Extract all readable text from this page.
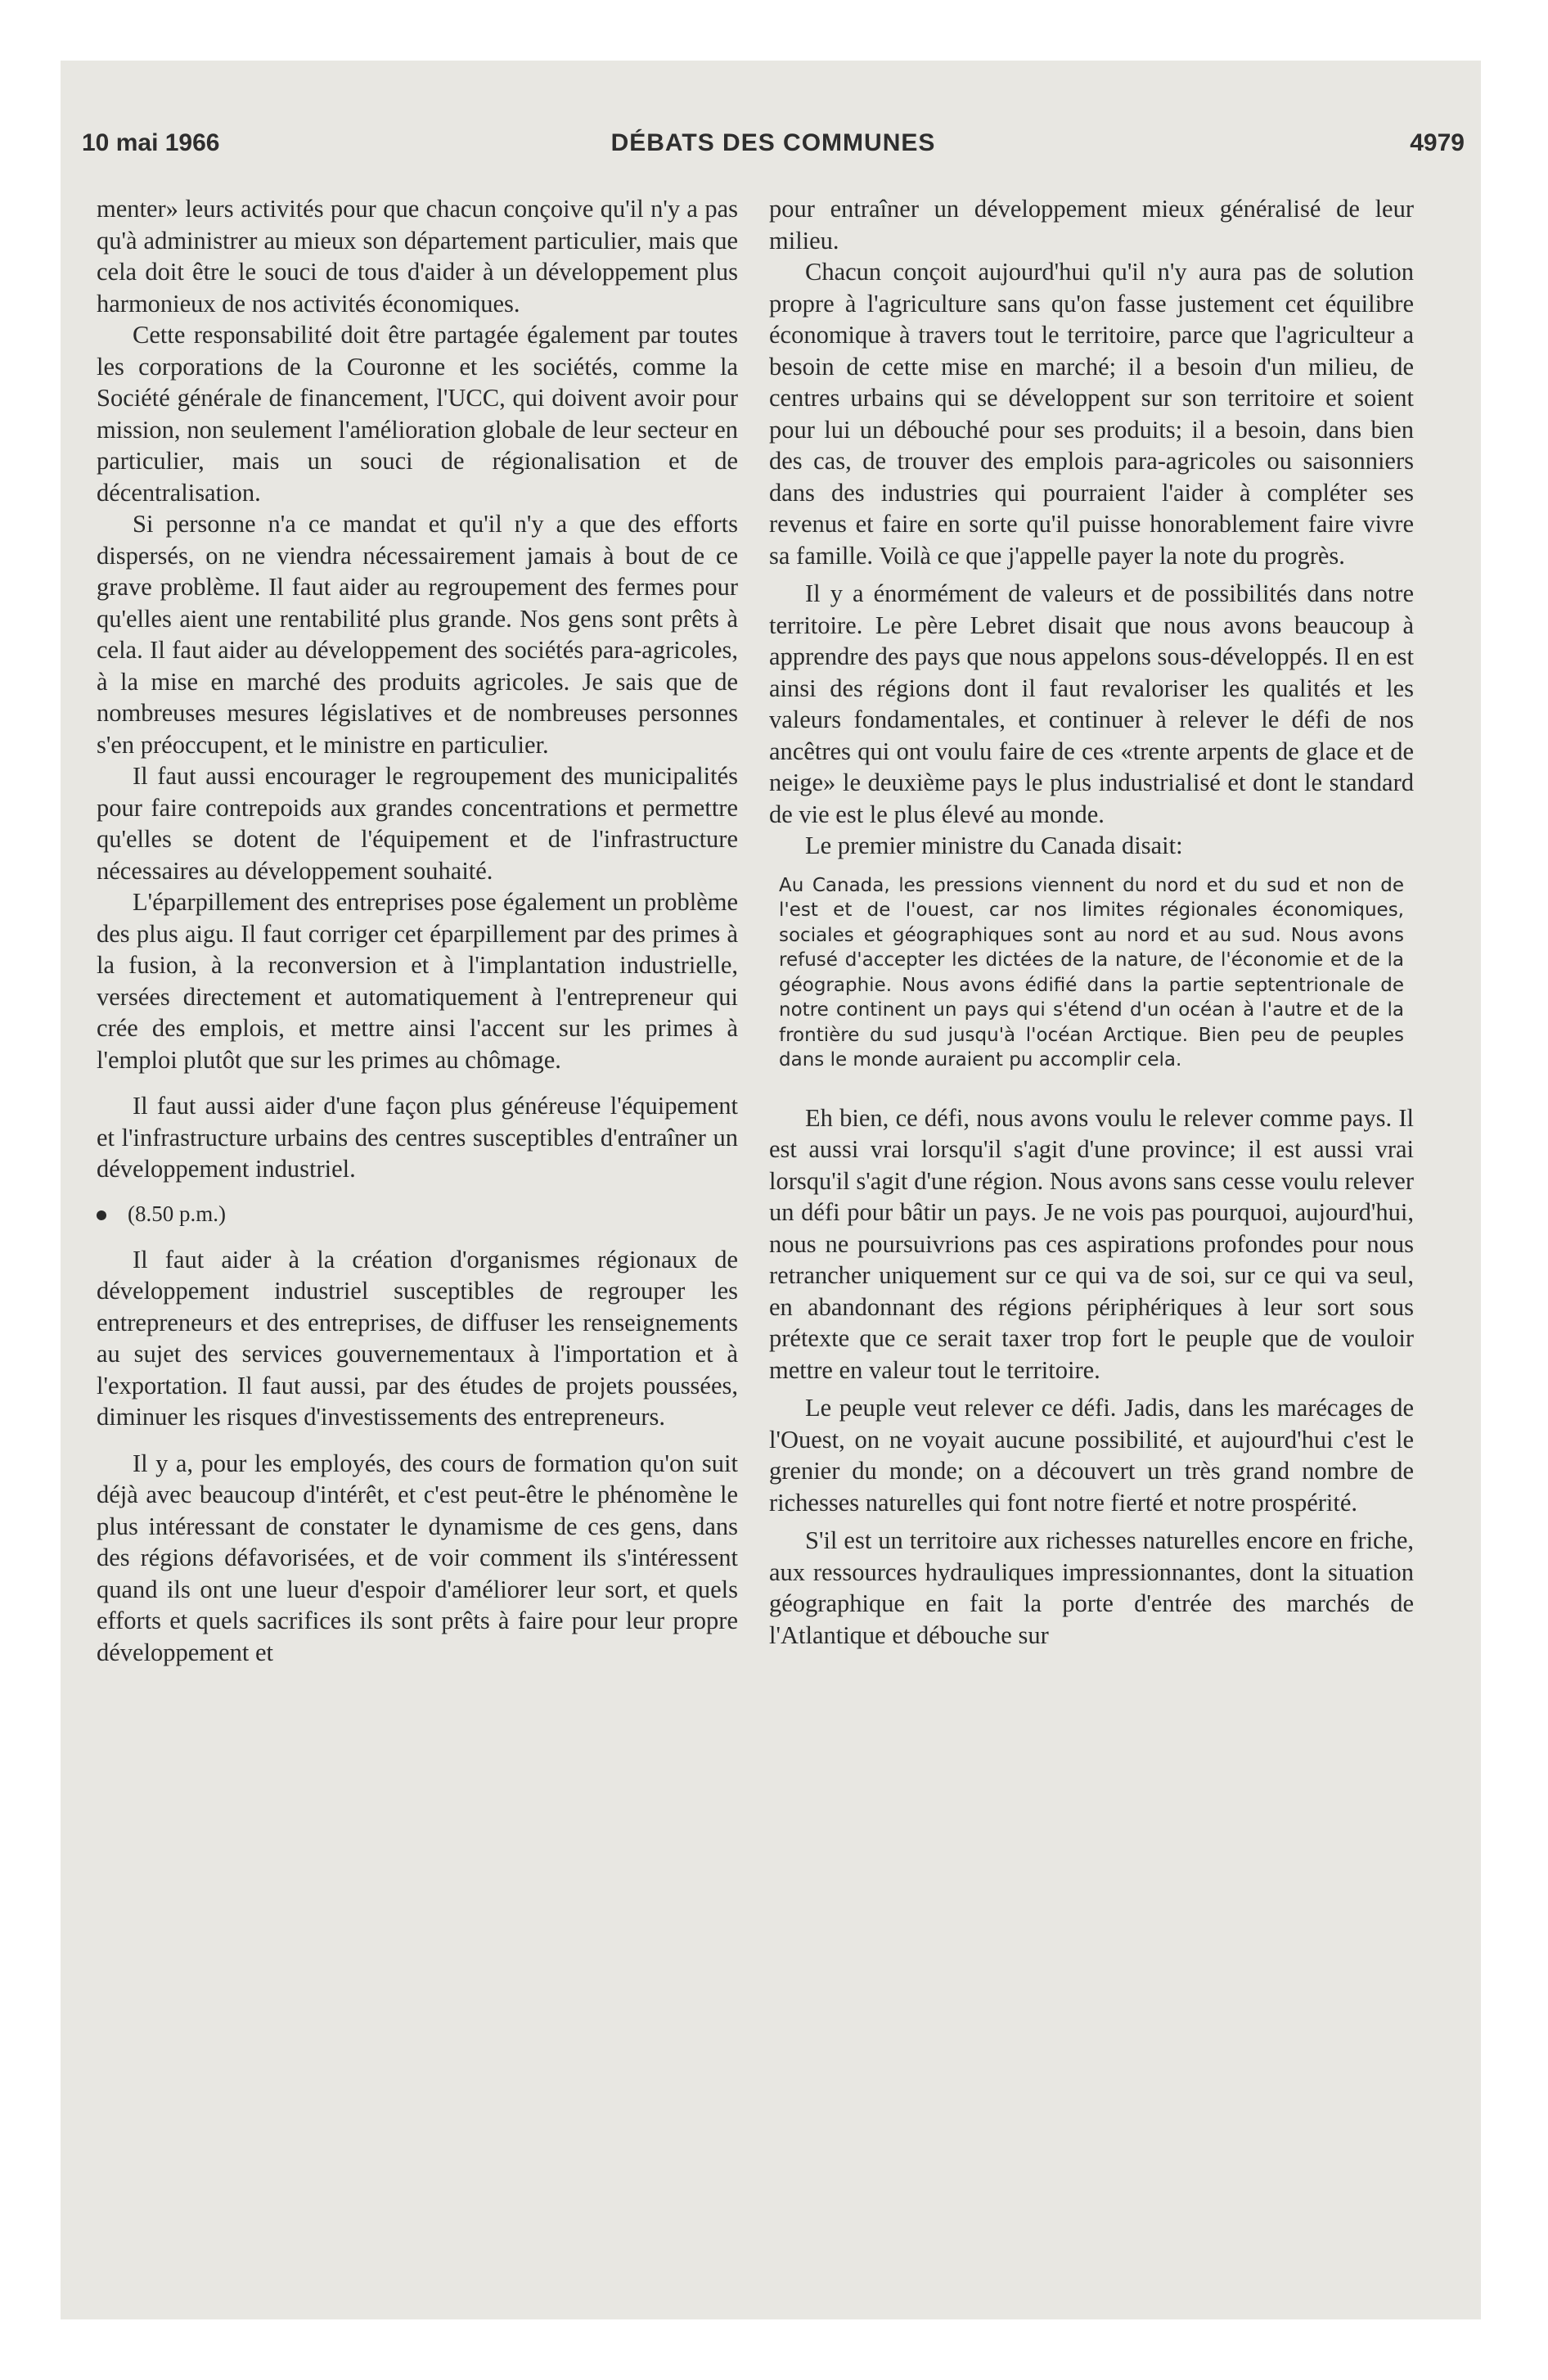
DÉBATS DES COMMUNES
10 mai 1966	4979

menter» leurs activités pour que chacun conçoive qu'il n'y a pas qu'à administrer au mieux son département particulier, mais que cela doit être le souci de tous d'aider à un développement plus harmonieux de nos activités économiques.

Cette responsabilité doit être partagée également par toutes les corporations de la Couronne et les sociétés, comme la Société générale de financement, l'UCC, qui doivent avoir pour mission, non seulement l'amélioration globale de leur secteur en particulier, mais un souci de régionalisation et de décentralisation.

Si personne n'a ce mandat et qu'il n'y a que des efforts dispersés, on ne viendra nécessairement jamais à bout de ce grave problème. Il faut aider au regroupement des fermes pour qu'elles aient une rentabilité plus grande. Nos gens sont prêts à cela. Il faut aider au développement des sociétés para-agricoles, à la mise en marché des produits agricoles. Je sais que de nombreuses mesures législatives et de nombreuses personnes s'en préoccupent, et le ministre en particulier.

Il faut aussi encourager le regroupement des municipalités pour faire contrepoids aux grandes concentrations et permettre qu'elles se dotent de l'équipement et de l'infrastructure nécessaires au développement souhaité.

L'éparpillement des entreprises pose également un problème des plus aigu. Il faut corriger cet éparpillement par des primes à la fusion, à la reconversion et à l'implantation industrielle, versées directement et automatiquement à l'entrepreneur qui crée des emplois, et mettre ainsi l'accent sur les primes à l'emploi plutôt que sur les primes au chômage.

Il faut aussi aider d'une façon plus généreuse l'équipement et l'infrastructure urbains des centres susceptibles d'entraîner un développement industriel.

(8.50 p.m.)

Il faut aider à la création d'organismes régionaux de développement industriel susceptibles de regrouper les entrepreneurs et des entreprises, de diffuser les renseignements au sujet des services gouvernementaux à l'importation et à l'exportation. Il faut aussi, par des études de projets poussées, diminuer les risques d'investissements des entrepreneurs.

Il y a, pour les employés, des cours de formation qu'on suit déjà avec beaucoup d'intérêt, et c'est peut-être le phénomène le plus intéressant de constater le dynamisme de ces gens, dans des régions défavorisées, et de voir comment ils s'intéressent quand ils ont une lueur d'espoir d'améliorer leur sort, et quels efforts et quels sacrifices ils sont prêts à faire pour leur propre développement et

pour entraîner un développement mieux généralisé de leur milieu.

Chacun conçoit aujourd'hui qu'il n'y aura pas de solution propre à l'agriculture sans qu'on fasse justement cet équilibre économique à travers tout le territoire, parce que l'agriculteur a besoin de cette mise en marché; il a besoin d'un milieu, de centres urbains qui se développent sur son territoire et soient pour lui un débouché pour ses produits; il a besoin, dans bien des cas, de trouver des emplois para-agricoles ou saisonniers dans des industries qui pourraient l'aider à compléter ses revenus et faire en sorte qu'il puisse honorablement faire vivre sa famille. Voilà ce que j'appelle payer la note du progrès.

Il y a énormément de valeurs et de possibilités dans notre territoire. Le père Lebret disait que nous avons beaucoup à apprendre des pays que nous appelons sous-développés. Il en est ainsi des régions dont il faut revaloriser les qualités et les valeurs fondamentales, et continuer à relever le défi de nos ancêtres qui ont voulu faire de ces «trente arpents de glace et de neige» le deuxième pays le plus industrialisé et dont le standard de vie est le plus élevé au monde.

Le premier ministre du Canada disait:

Au Canada, les pressions viennent du nord et du sud et non de l'est et de l'ouest, car nos limites régionales économiques, sociales et géographiques sont au nord et au sud. Nous avons refusé d'accepter les dictées de la nature, de l'économie et de la géographie. Nous avons édifié dans la partie septentrionale de notre continent un pays qui s'étend d'un océan à l'autre et de la frontière du sud jusqu'à l'océan Arctique. Bien peu de peuples dans le monde auraient pu accomplir cela.

Eh bien, ce défi, nous avons voulu le relever comme pays. Il est aussi vrai lorsqu'il s'agit d'une province; il est aussi vrai lorsqu'il s'agit d'une région. Nous avons sans cesse voulu relever un défi pour bâtir un pays. Je ne vois pas pourquoi, aujourd'hui, nous ne poursuivrions pas ces aspirations profondes pour nous retrancher uniquement sur ce qui va de soi, sur ce qui va seul, en abandonnant des régions périphériques à leur sort sous prétexte que ce serait taxer trop fort le peuple que de vouloir mettre en valeur tout le territoire.

Le peuple veut relever ce défi. Jadis, dans les marécages de l'Ouest, on ne voyait aucune possibilité, et aujourd'hui c'est le grenier du monde; on a découvert un très grand nombre de richesses naturelles qui font notre fierté et notre prospérité.

S'il est un territoire aux richesses naturelles encore en friche, aux ressources hydrauliques impressionnantes, dont la situation géographique en fait la porte d'entrée des marchés de l'Atlantique et débouche sur
